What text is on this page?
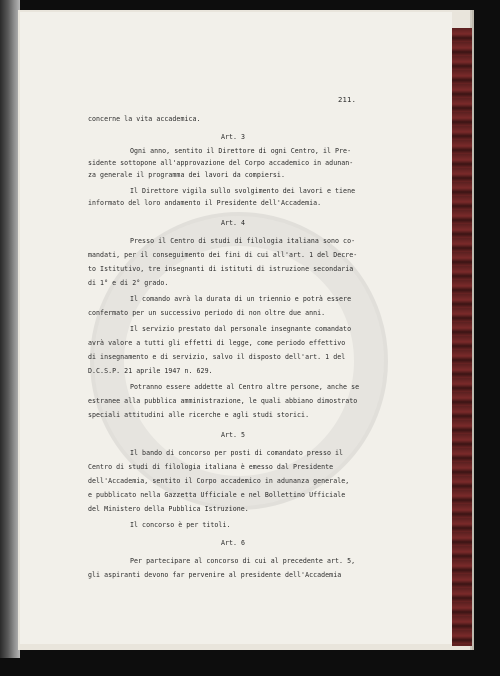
211.
concerne la vita accademica.
Art. 3
Ogni anno, sentito il Direttore di ogni Centro, il Pre-
sidente sottopone all'approvazione del Corpo accademico in adunan-
za generale il programma dei lavori da compiersi.
Il Direttore vigila sullo svolgimento dei lavori e tiene
informato del loro andamento il Presidente dell'Accademia.
Art. 4
Presso il Centro di studi di filologia italiana sono co-
mandati, per il conseguimento dei fini di cui all'art. 1 del Decre-
to Istitutivo, tre insegnanti di istituti di istruzione secondaria
di 1° e di 2° grado.
Il comando avrà la durata di un triennio e potrà essere
confermato per un successivo periodo di non oltre due anni.
Il servizio prestato dal personale insegnante comandato
avrà valore a tutti gli effetti di legge, come periodo effettivo
di insegnamento e di servizio, salvo il disposto dell'art. 1 del
D.C.S.P. 21 aprile 1947 n. 629.
Potranno essere addette al Centro altre persone, anche se
estranee alla pubblica amministrazione, le quali abbiano dimostrato
speciali attitudini alle ricerche e agli studi storici.
Art. 5
Il bando di concorso per posti di comandato presso il
Centro di studi di filologia italiana è emesso dal Presidente
dell'Accademia, sentito il Corpo accademico in adunanza generale,
e pubblicato nella Gazzetta Ufficiale e nel Bollettino Ufficiale
del Ministero della Pubblica Istruzione.
Il concorso è per titoli.
Art. 6
Per partecipare al concorso di cui al precedente art. 5,
gli aspiranti devono far pervenire al presidente dell'Accademia
